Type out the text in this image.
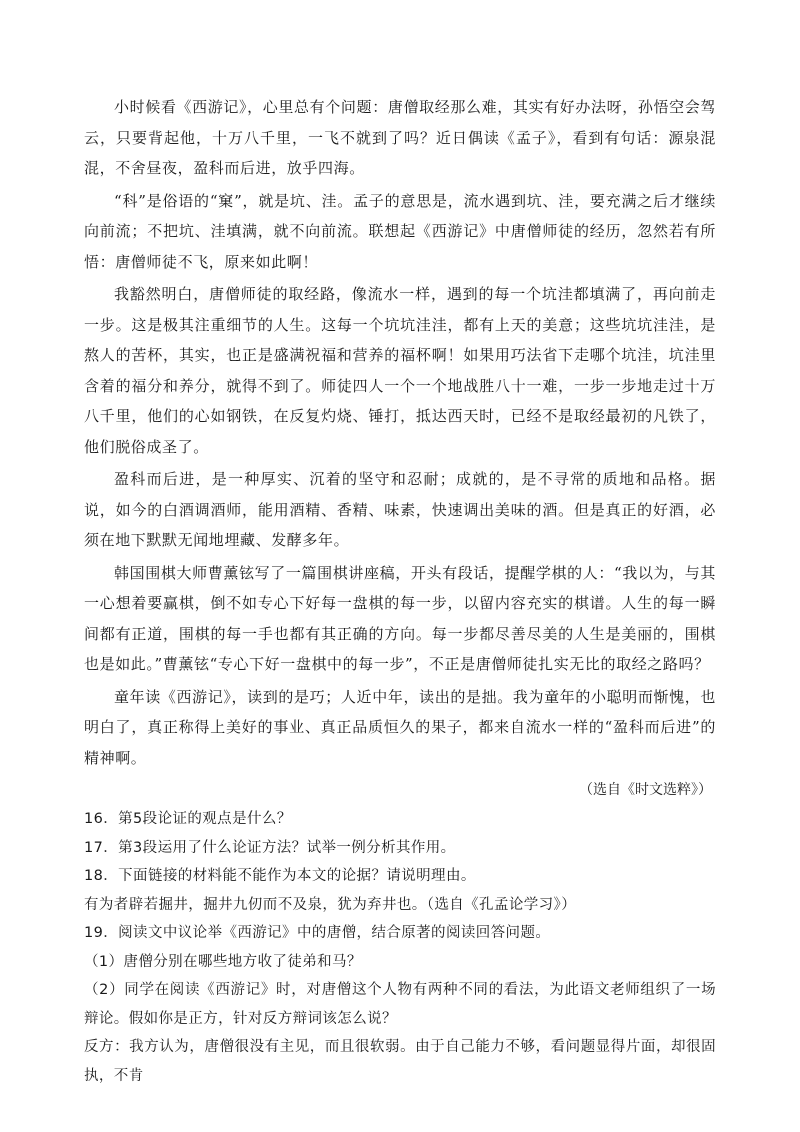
小时候看《西游记》，心里总有个问题：唐僧取经那么难，其实有好办法呀，孙悟空会驾云，只要背起他，十万八千里，一飞不就到了吗？近日偶读《孟子》，看到有句话：源泉混混，不舍昼夜，盈科而后进，放乎四海。

“科”是俗语的“窠”，就是坑、洼。孟子的意思是，流水遇到坑、洼，要充满之后才继续向前流；不把坑、洼填满，就不向前流。联想起《西游记》中唐僧师徒的经历，忽然若有所悟：唐僧师徒不飞，原来如此啊！

我豁然明白，唐僧师徒的取经路，像流水一样，遇到的每一个坑洼都填满了，再向前走一步。这是极其注重细节的人生。这每一个坑坑洼洼，都有上天的美意；这些坑坑洼洼，是熬人的苦杯，其实，也正是盛满祝福和营养的福杯啊！如果用巧法省下走哪个坑洼，坑洼里含着的福分和养分，就得不到了。师徒四人一个一个地战胜八十一难，一步一步地走过十万八千里，他们的心如钢铁，在反复灼烧、锤打，抵达西天时，已经不是取经最初的凡铁了，他们脱俗成圣了。

盈科而后进，是一种厚实、沉着的坚守和忍耐；成就的，是不寻常的质地和品格。据说，如今的白酒调酒师，能用酒精、香精、味素，快速调出美味的酒。但是真正的好酒，必须在地下默默无闻地埋藏、发酵多年。

韩国围棋大师曹薰铉写了一篇围棋讲座稿，开头有段话，提醒学棋的人：“我以为，与其一心想着要赢棋，倒不如专心下好每一盘棋的每一步，以留内容充实的棋谱。人生的每一瞬间都有正道，围棋的每一手也都有其正确的方向。每一步都尽善尽美的人生是美丽的，围棋也是如此。”曹薰铉“专心下好一盘棋中的每一步”，不正是唐僧师徒扎实无比的取经之路吗？

童年读《西游记》，读到的是巧；人近中年，读出的是拙。我为童年的小聪明而惭愧，也明白了，真正称得上美好的事业、真正品质恒久的果子，都来自流水一样的“盈科而后进”的精神啊。

（选自《时文选粹》）

16．第5段论证的观点是什么？

17．第3段运用了什么论证方法？试举一例分析其作用。

18．下面链接的材料能不能作为本文的论据？请说明理由。

有为者辟若掘井，掘井九仞而不及泉，犹为弃井也。（选自《孔孟论学习》）

19．阅读文中议论举《西游记》中的唐僧，结合原著的阅读回答问题。

（1）唐僧分别在哪些地方收了徒弟和马？

（2）同学在阅读《西游记》时，对唐僧这个人物有两种不同的看法，为此语文老师组织了一场辩论。假如你是正方，针对反方辩词该怎么说？

反方：我方认为，唐僧很没有主见，而且很软弱。由于自己能力不够，看问题显得片面，却很固执，不肯
